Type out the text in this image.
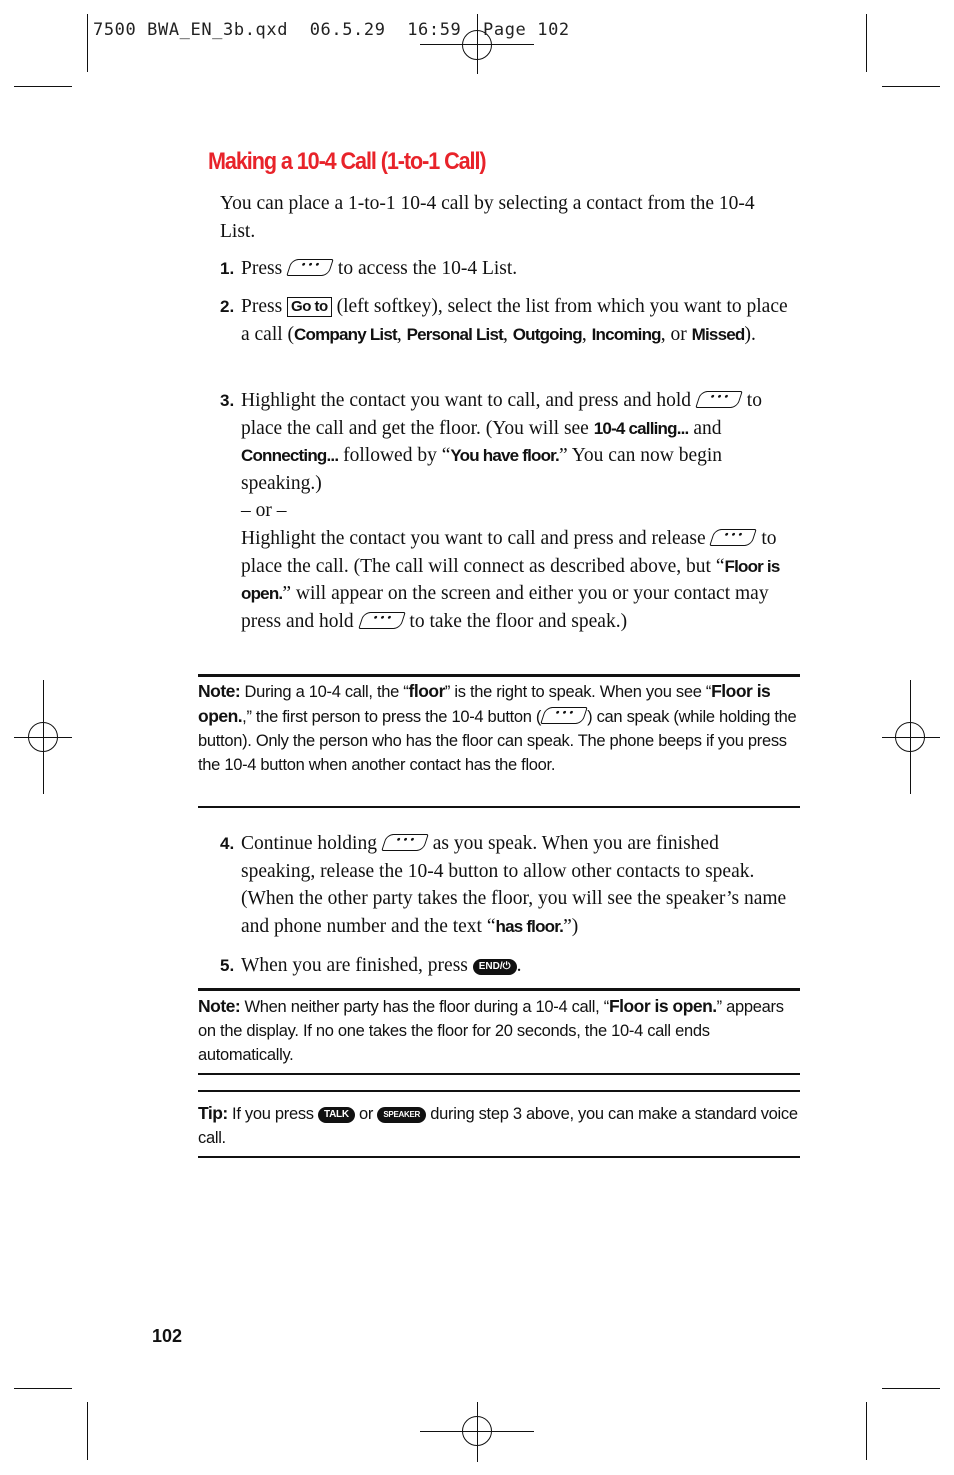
7500 BWA_EN_3b.qxd  06.5.29  16:59  Page 102
Making a 10-4 Call (1-to-1 Call)
You can place a 1-to-1 10-4 call by selecting a contact from the 10-4 List.
1. Press ••• to access the 10-4 List.
2. Press Go to (left softkey), select the list from which you want to place a call (Company List, Personal List, Outgoing, Incoming, or Missed).
3. Highlight the contact you want to call, and press and hold ••• to place the call and get the floor. (You will see 10-4 calling... and Connecting... followed by “You have floor.” You can now begin speaking.)
– or –
Highlight the contact you want to call and press and release ••• to place the call. (The call will connect as described above, but “Floor is open.” will appear on the screen and either you or your contact may press and hold ••• to take the floor and speak.)
Note: During a 10-4 call, the “floor” is the right to speak. When you see “Floor is open.,” the first person to press the 10-4 button ( ••• ) can speak (while holding the button). Only the person who has the floor can speak. The phone beeps if you press the 10-4 button when another contact has the floor.
4. Continue holding ••• as you speak. When you are finished speaking, release the 10-4 button to allow other contacts to speak. (When the other party takes the floor, you will see the speaker’s name and phone number and the text “has floor.”)
5. When you are finished, press END/⏻ .
Note: When neither party has the floor during a 10-4 call, “Floor is open.” appears on the display. If no one takes the floor for 20 seconds, the 10-4 call ends automatically.
Tip: If you press TALK or SPEAKER during step 3 above, you can make a standard voice call.
102
